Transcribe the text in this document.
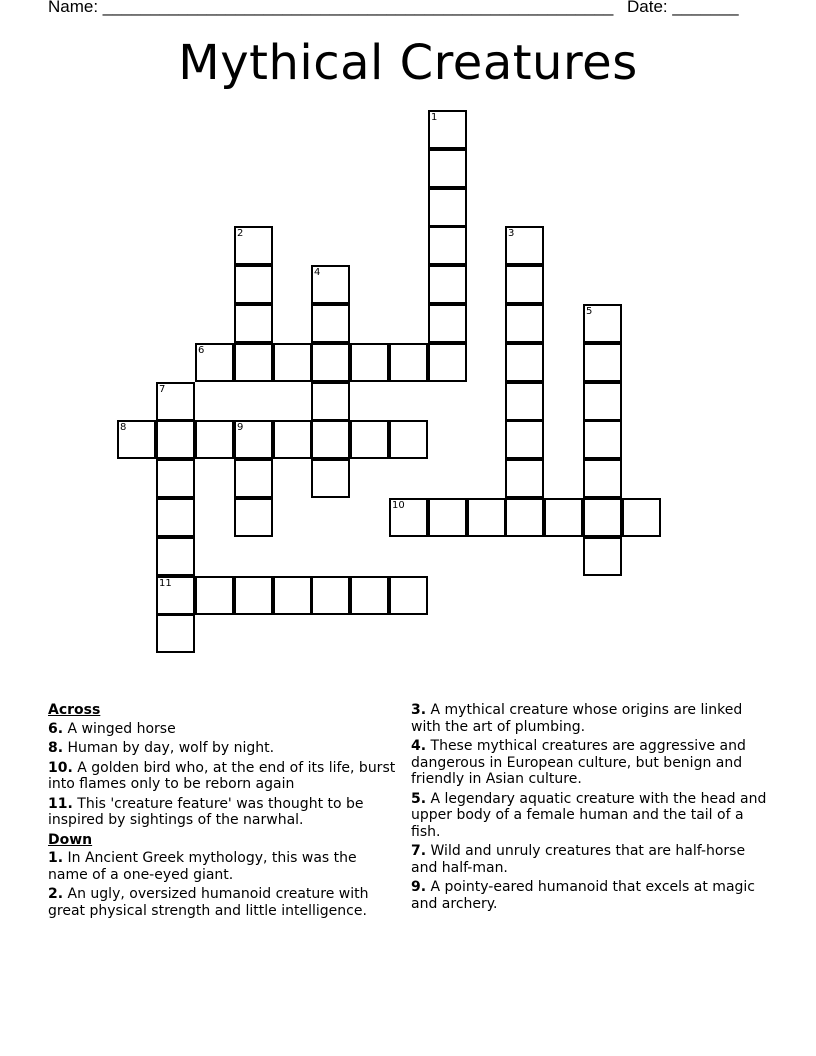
Name: ______________________________________________________ Date: _______
Mythical Creatures
1
2	3
4
5
6
7
11
8	9
10
Across
6. A winged horse
8. Human by day, wolf by night.
10. A golden bird who, at the end of its life, burst into flames only to be reborn again
11. This 'creature feature' was thought to be inspired by sightings of the narwhal.
Down
1. In Ancient Greek mythology, this was the name of a one-eyed giant.
2. An ugly, oversized humanoid creature with great physical strength and little intelligence.
3. A mythical creature whose origins are linked with the art of plumbing.
4. These mythical creatures are aggressive and dangerous in European culture, but benign and friendly in Asian culture.
5. A legendary aquatic creature with the head and upper body of a female human and the tail of a fish.
7. Wild and unruly creatures that are half-horse and half-man.
9. A pointy-eared humanoid that excels at magic and archery.
